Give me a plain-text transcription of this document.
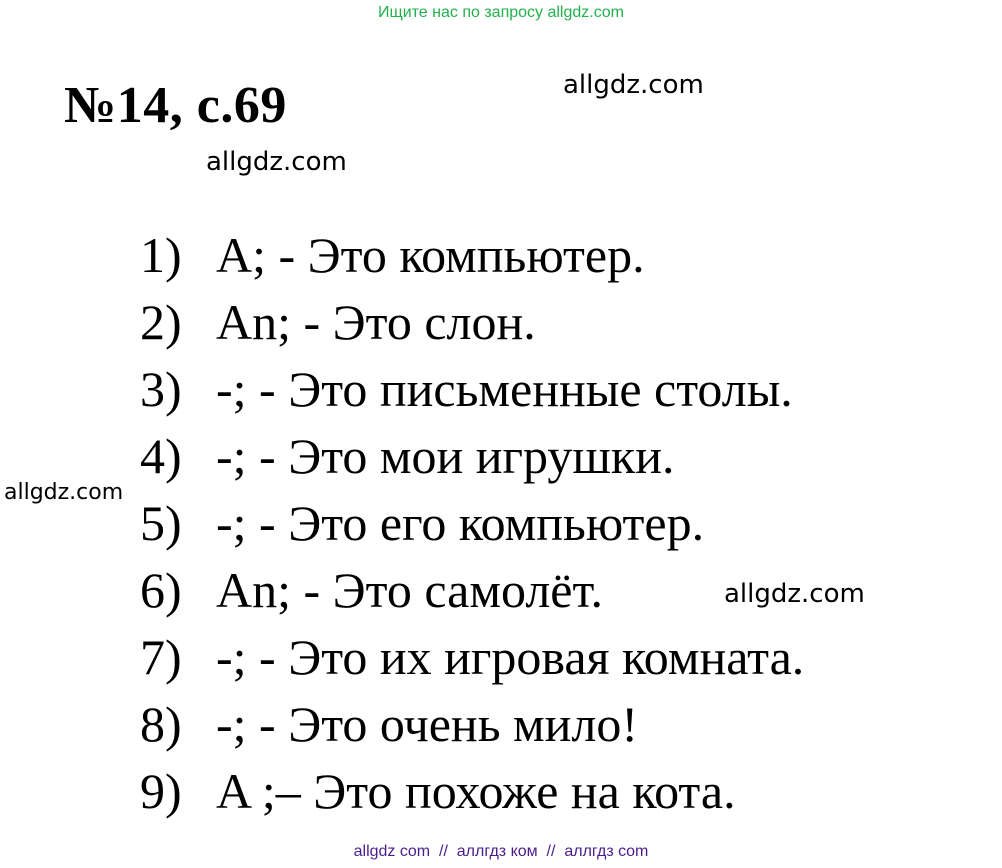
Ищите нас по запросу allgdz.com
№14, с.69	allgdz.com
allgdz.com
allgdz.com
allgdz.com
1) A; - Это компьютер.
2) An; - Это слон.
3) -; - Это письменные столы.
4) -; - Это мои игрушки.
5) -; - Это его компьютер.
6) An; - Это самолёт.
7) -; - Это их игровая комната.
8) -; - Это очень мило!
9) A ;– Это похоже на кота.
allgdz com  //  аллгдз ком  //  аллгдз com
